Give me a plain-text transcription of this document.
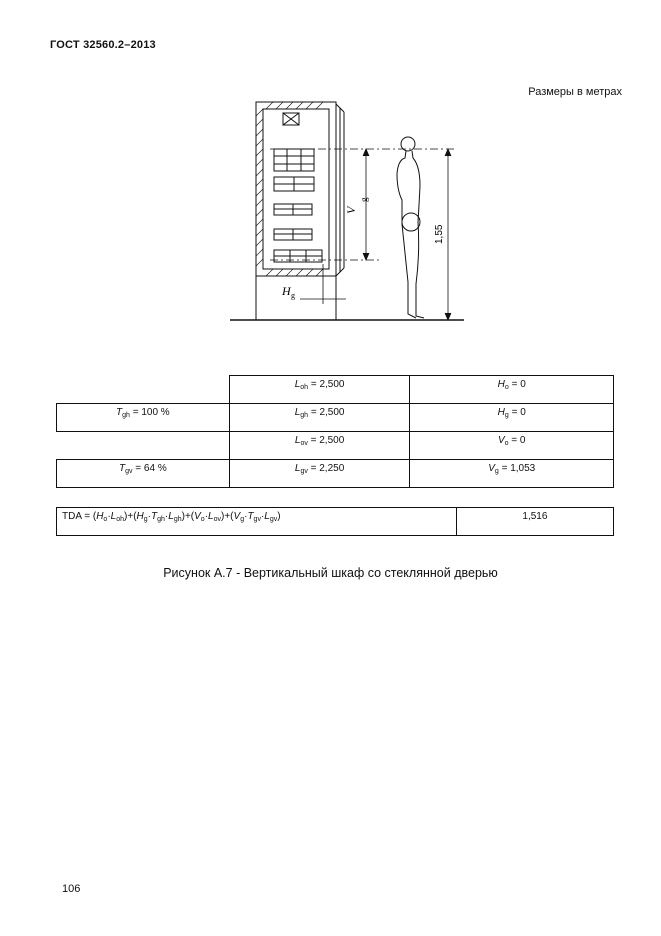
ГОСТ 32560.2–2013
Размеры в метрах
V
g
H g
1,55
	$L_{oh} = 2,500$	$H_o = 0$
$T_{gh} = 100$ %	$L_{gh} = 2,500$	$H_g = 0$
	$L_{ov} = 2,500$	$V_o = 0$
$T_{gv} = 64$ %	$L_{gv} = 2,250$	$V_g = 1,053$
TDA = $(H_o\cdot L_{oh})+(H_g\cdot T_{gh}\cdot L_{gh})+(V_o\cdot L_{ov})+(V_g\cdot T_{gv}\cdot L_{gv})$	1,516
Рисунок А.7 - Вертикальный шкаф со стеклянной дверью
106
